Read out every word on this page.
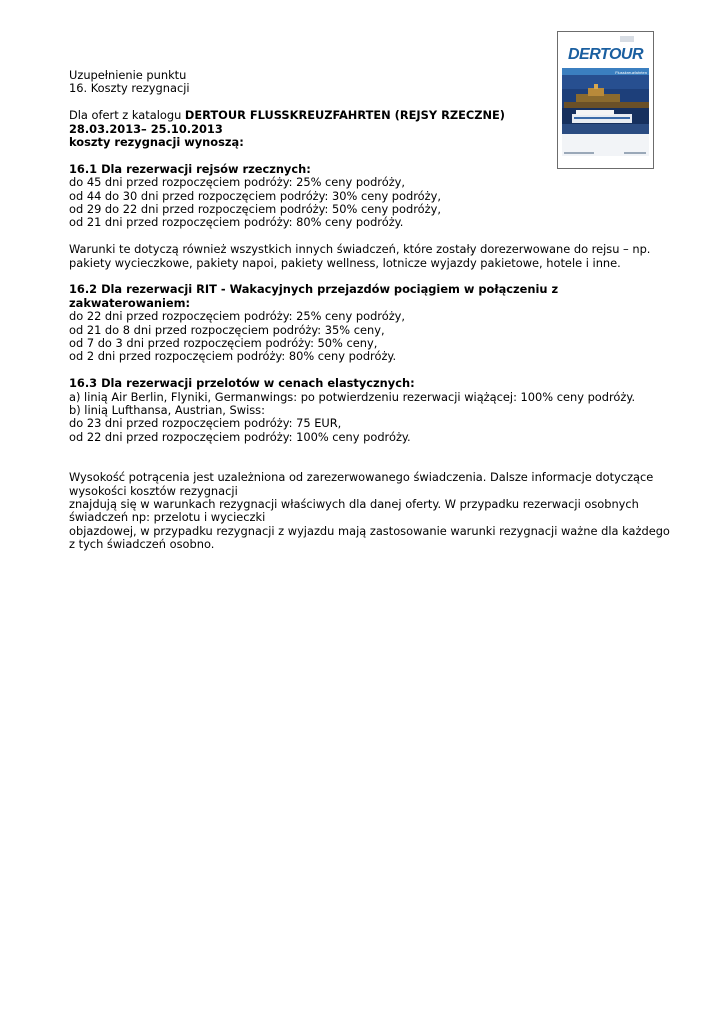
DERTOUR
Flusskreuzfahrten
Uzupełnienie punktu
16. Koszty rezygnacji
Dla ofert z katalogu DERTOUR FLUSSKREUZFAHRTEN (REJSY RZECZNE)
28.03.2013– 25.10.2013
koszty rezygnacji wynoszą:
16.1 Dla rezerwacji rejsów rzecznych:
do 45 dni przed rozpoczęciem podróży: 25% ceny podróży,
od 44 do 30 dni przed rozpoczęciem podróży: 30% ceny podróży,
od 29 do 22 dni przed rozpoczęciem podróży: 50% ceny podróży,
od 21 dni przed rozpoczęciem podróży: 80% ceny podróży.
Warunki te dotyczą również wszystkich innych świadczeń, które zostały dorezerwowane do rejsu – np.
pakiety wycieczkowe, pakiety napoi, pakiety wellness, lotnicze wyjazdy pakietowe, hotele i inne.
16.2 Dla rezerwacji RIT - Wakacyjnych przejazdów pociągiem w połączeniu z
zakwaterowaniem:
do 22 dni przed rozpoczęciem podróży: 25% ceny podróży,
od 21 do 8 dni przed rozpoczęciem podróży: 35% ceny,
od 7 do 3 dni przed rozpoczęciem podróży: 50% ceny,
od 2 dni przed rozpoczęciem podróży: 80% ceny podróży.
16.3 Dla rezerwacji przelotów w cenach elastycznych:
a) linią Air Berlin, Flyniki, Germanwings: po potwierdzeniu rezerwacji wiążącej: 100% ceny podróży.
b) linią Lufthansa, Austrian, Swiss:
do 23 dni przed rozpoczęciem podróży: 75 EUR,
od 22 dni przed rozpoczęciem podróży: 100% ceny podróży.
Wysokość potrącenia jest uzależniona od zarezerwowanego świadczenia. Dalsze informacje dotyczące
wysokości kosztów rezygnacji
znajdują się w warunkach rezygnacji właściwych dla danej oferty. W przypadku rezerwacji osobnych
świadczeń np: przelotu i wycieczki
objazdowej, w przypadku rezygnacji z wyjazdu mają zastosowanie warunki rezygnacji ważne dla każdego
z tych świadczeń osobno.
